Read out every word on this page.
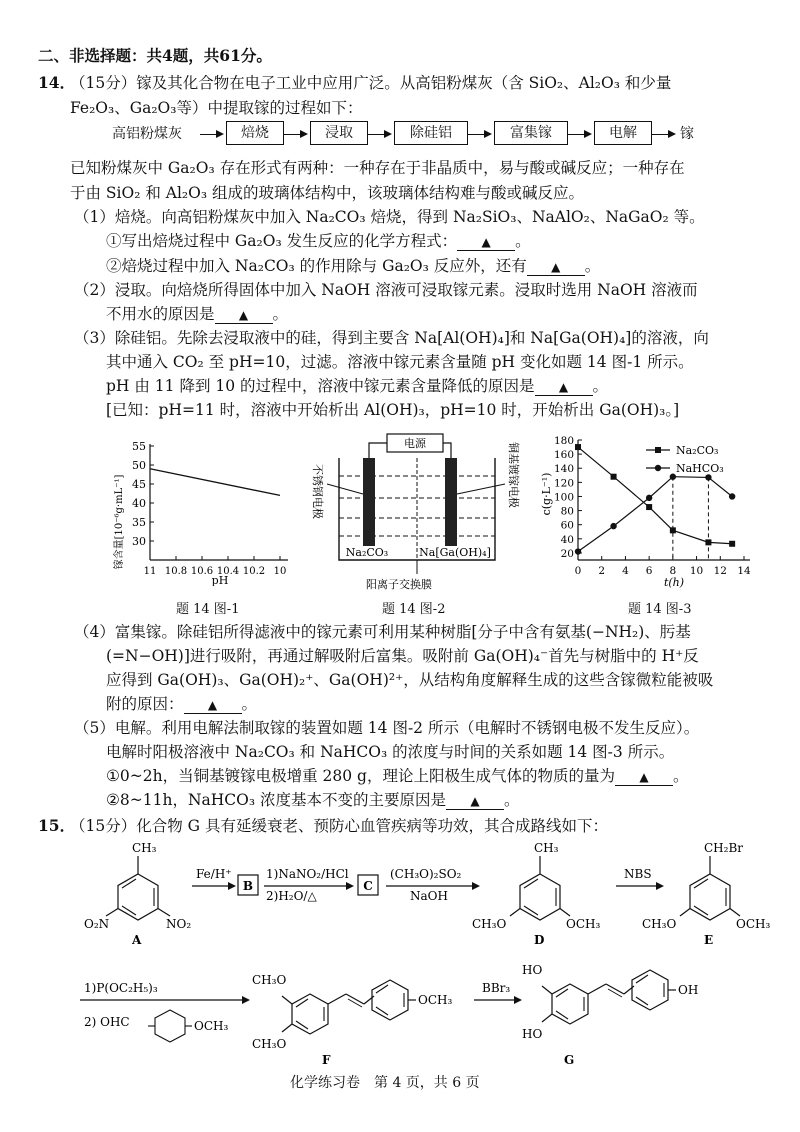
二、非选择题：共4题，共61分。
14．
（15分）镓及其化合物在电子工业中应用广泛。从高铝粉煤灰（含 SiO₂、Al₂O₃ 和少量
Fe₂O₃、Ga₂O₃等）中提取镓的过程如下：
高铝粉煤灰	焙烧	浸取	除硅铝	富集镓	电解	镓
已知粉煤灰中 Ga₂O₃ 存在形式有两种：一种存在于非晶质中，易与酸或碱反应；一种存在
于由 SiO₂ 和 Al₂O₃ 组成的玻璃体结构中，该玻璃体结构难与酸或碱反应。
（1）焙烧。向高铝粉煤灰中加入 Na₂CO₃ 焙烧，得到 Na₂SiO₃、NaAlO₂、NaGaO₂ 等。
①写出焙烧过程中 Ga₂O₃ 发生反应的化学方程式： ▲ 。
②焙烧过程中加入 Na₂CO₃ 的作用除与 Ga₂O₃ 反应外，还有 ▲ 。
（2）浸取。向焙烧所得固体中加入 NaOH 溶液可浸取镓元素。浸取时选用 NaOH 溶液而
不用水的原因是 ▲ 。
（3）除硅铝。先除去浸取液中的硅，得到主要含 Na[Al(OH)₄]和 Na[Ga(OH)₄]的溶液，向
其中通入 CO₂ 至 pH=10，过滤。溶液中镓元素含量随 pH 变化如题 14 图-1 所示。
pH 由 11 降到 10 的过程中，溶液中镓元素含量降低的原因是 ▲ 。
[已知：pH=11 时，溶液中开始析出 Al(OH)₃，pH=10 时，开始析出 Ga(OH)₃。]
30
35
40
45
50
55
11 10.8 10.6 10.4 10.2 10
镓含量[10⁻⁶g·mL⁻¹]
pH
电源
Na₂CO₃	Na[Ga(OH)₄]
阳离子交换膜
不锈钢电极	铜基镀镓电极
20
40
60
80
100
120
140
160
180
0 2 4 6 8 10 12 14
Na₂CO₃
NaHCO₃
c(g·L⁻¹)
t(h)
题 14 图-1	题 14 图-2	题 14 图-3
（4）富集镓。除硅铝所得滤液中的镓元素可利用某种树脂[分子中含有氨基(−NH₂)、肟基
(=N−OH)]进行吸附，再通过解吸附后富集。吸附前 Ga(OH)₄⁻首先与树脂中的 H⁺反
应得到 Ga(OH)₃、Ga(OH)₂⁺、Ga(OH)²⁺，从结构角度解释生成的这些含镓微粒能被吸
附的原因： ▲ 。
（5）电解。利用电解法制取镓的装置如题 14 图-2 所示（电解时不锈钢电极不发生反应）。
电解时阳极溶液中 Na₂CO₃ 和 NaHCO₃ 的浓度与时间的关系如题 14 图-3 所示。
①0~2h，当铜基镀镓电极增重 280 g，理论上阳极生成气体的物质的量为 ▲ 。
②8~11h，NaHCO₃ 浓度基本不变的主要原因是 ▲ 。
15．
（15分）化合物 G 具有延缓衰老、预防心血管疾病等功效，其合成路线如下：
CH₃
O₂N	NO₂
A
Fe/H⁺
B
1)NaNO₂/HCl
2)H₂O/△
C
(CH₃O)₂SO₂
NaOH
CH₃
CH₃O	OCH₃
D
NBS
CH₂Br
CH₃O	OCH₃
E
1)P(OC₂H₅)₃
2) OHC	OCH₃
CH₃O
CH₃O
OCH₃
F
BBr₃
HO
HO
OH
G
化学练习卷　第 4 页，共 6 页
